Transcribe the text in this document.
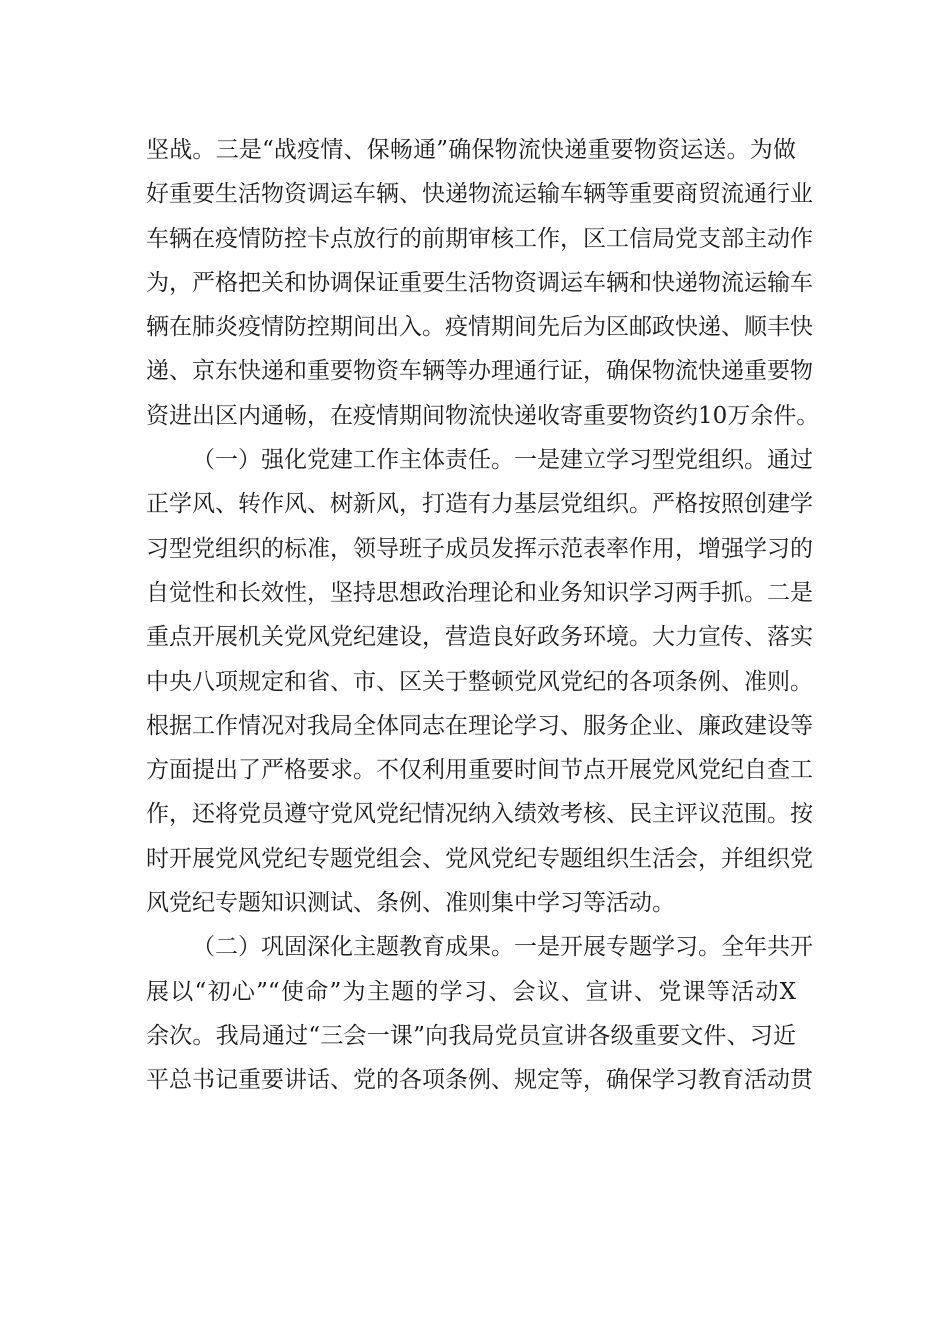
坚战。三是“战疫情、保畅通”确保物流快递重要物资运送。为做
好重要生活物资调运车辆、快递物流运输车辆等重要商贸流通行业
车辆在疫情防控卡点放行的前期审核工作，区工信局党支部主动作
为，严格把关和协调保证重要生活物资调运车辆和快递物流运输车
辆在肺炎疫情防控期间出入。疫情期间先后为区邮政快递、顺丰快
递、京东快递和重要物资车辆等办理通行证，确保物流快递重要物
资进出区内通畅，在疫情期间物流快递收寄重要物资约10万余件。
（一）强化党建工作主体责任。一是建立学习型党组织。通过
正学风、转作风、树新风，打造有力基层党组织。严格按照创建学
习型党组织的标准，领导班子成员发挥示范表率作用，增强学习的
自觉性和长效性，坚持思想政治理论和业务知识学习两手抓。二是
重点开展机关党风党纪建设，营造良好政务环境。大力宣传、落实
中央八项规定和省、市、区关于整顿党风党纪的各项条例、准则。
根据工作情况对我局全体同志在理论学习、服务企业、廉政建设等
方面提出了严格要求。不仅利用重要时间节点开展党风党纪自查工
作，还将党员遵守党风党纪情况纳入绩效考核、民主评议范围。按
时开展党风党纪专题党组会、党风党纪专题组织生活会，并组织党
风党纪专题知识测试、条例、准则集中学习等活动。
（二）巩固深化主题教育成果。一是开展专题学习。全年共开
展以“初心”“使命”为主题的学习、会议、宣讲、党课等活动X
余次。我局通过“三会一课”向我局党员宣讲各级重要文件、习近
平总书记重要讲话、党的各项条例、规定等，确保学习教育活动贯
